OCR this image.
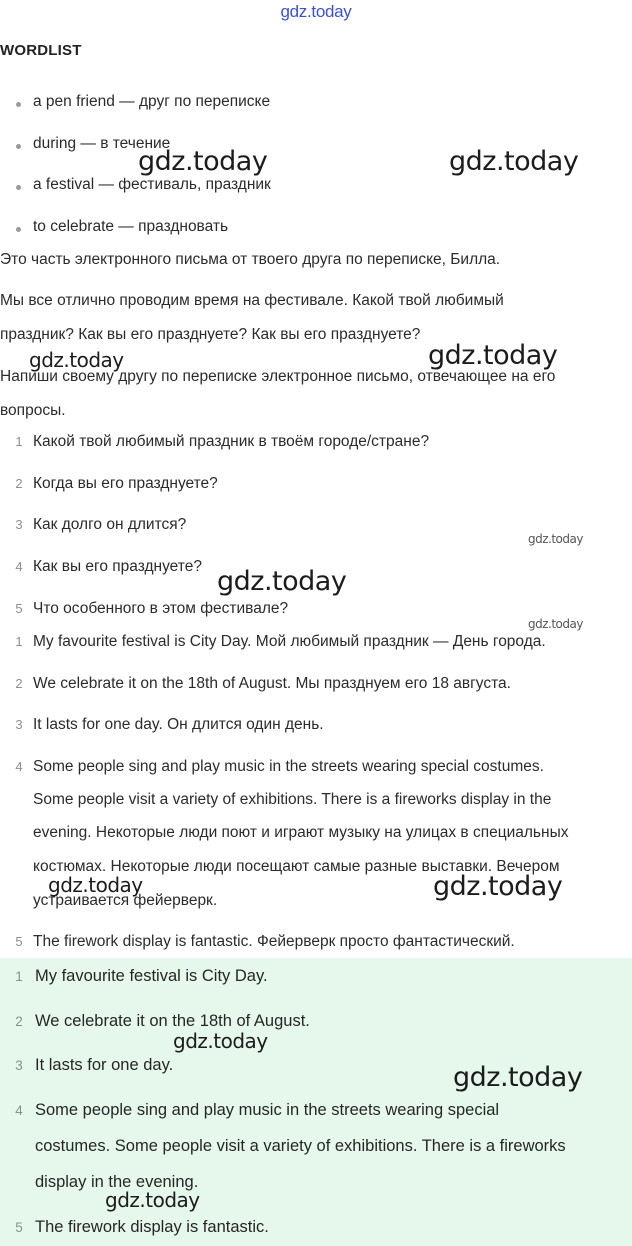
gdz.today
WORDLIST
a pen friend — друг по переписке
during — в течение
a festival — фестиваль, праздник
to celebrate — праздновать
Это часть электронного письма от твоего друга по переписке, Билла.
Мы все отлично проводим время на фестивале. Какой твой любимый
праздник? Как вы его празднуете? Как вы его празднуете?
Напиши своему другу по переписке электронное письмо, отвечающее на его
вопросы.
1 Какой твой любимый праздник в твоём городе/стране?
2 Когда вы его празднуете?
3 Как долго он длится?
4 Как вы его празднуете?
5 Что особенного в этом фестивале?
1 My favourite festival is City Day. Мой любимый праздник — День города.
2 We celebrate it on the 18th of August. Мы празднуем его 18 августа.
3 It lasts for one day. Он длится один день.
4 Some people sing and play music in the streets wearing special costumes.
Some people visit a variety of exhibitions. There is a fireworks display in the
evening. Некоторые люди поют и играют музыку на улицах в специальных
костюмах. Некоторые люди посещают самые разные выставки. Вечером
устраивается фейерверк.
5 The firework display is fantastic. Фейерверк просто фантастический.
1 My favourite festival is City Day.
2 We celebrate it on the 18th of August.
3 It lasts for one day.
4 Some people sing and play music in the streets wearing special
costumes. Some people visit a variety of exhibitions. There is a fireworks
display in the evening.
5 The firework display is fantastic.
gdz.today	gdz.today
gdz.today	gdz.today
gdz.today
gdz.today
gdz.today
gdz.today	gdz.today
gdz.today
gdz.today
gdz.today
